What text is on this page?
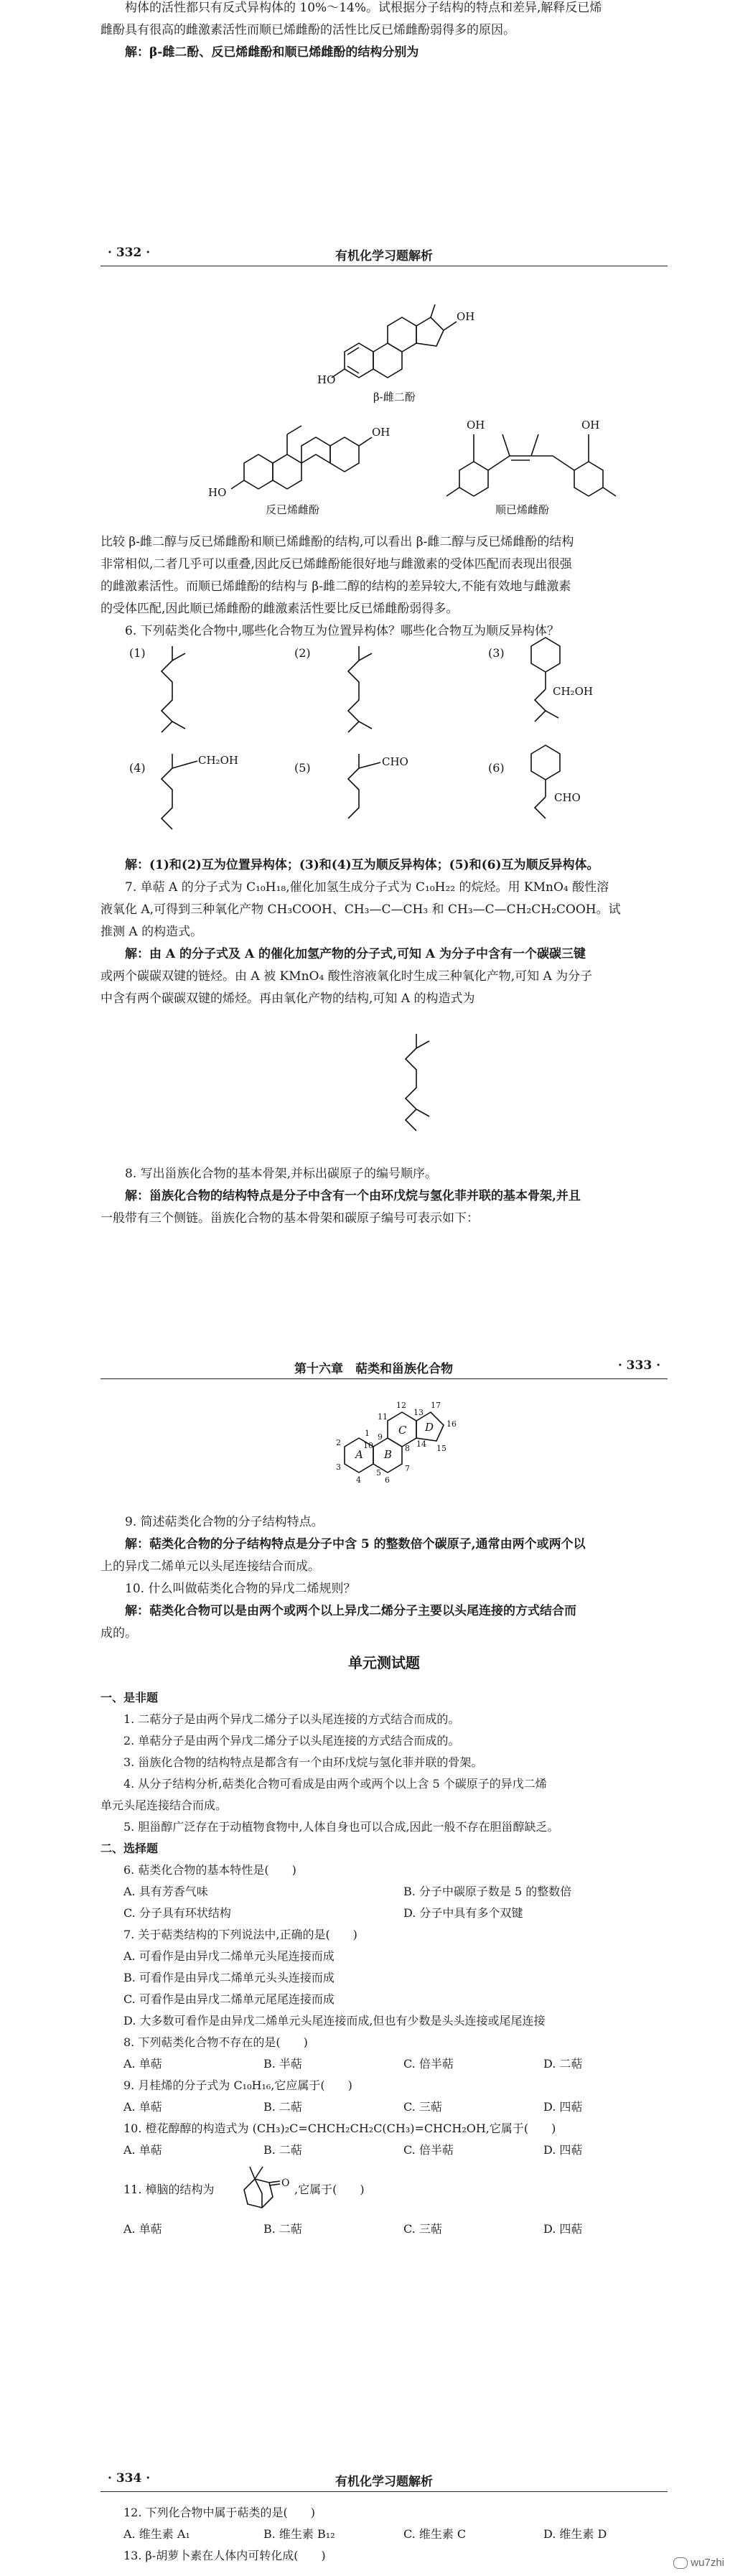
构体的活性都只有反式异构体的 10%～14%。试根据分子结构的特点和差异,解释反已烯

雌酚具有很高的雌激素活性而顺已烯雌酚的活性比反已烯雌酚弱得多的原因。

解：β-雌二酚、反已烯雌酚和顺已烯雌酚的结构分别为

· 332 ·	有机化学习题解析
HO
OH
β-雌二酚
HO
OH
反已烯雌酚
OH	OH
顺已烯雌酚

比较 β-雌二醇与反已烯雌酚和顺已烯雌酚的结构,可以看出 β-雌二醇与反已烯雌酚的结构

非常相似,二者几乎可以重叠,因此反已烯雌酚能很好地与雌激素的受体匹配而表现出很强

的雌激素活性。而顺已烯雌酚的结构与 β-雌二醇的结构的差异较大,不能有效地与雌激素

的受体匹配,因此顺已烯雌酚的雌激素活性要比反已烯雌酚弱得多。

6. 下列萜类化合物中,哪些化合物互为位置异构体？哪些化合物互为顺反异构体？

(1)	(2)	(3)
(4)	(5)	(6)
CH₂OH
CH₂OH	CHO
CHO

解：(1)和(2)互为位置异构体；(3)和(4)互为顺反异构体；(5)和(6)互为顺反异构体。

7. 单萜 A 的分子式为 C₁₀H₁₈,催化加氢生成分子式为 C₁₀H₂₂ 的烷烃。用 KMnO₄ 酸性溶

液氧化 A,可得到三种氧化产物 CH₃COOH、CH₃—C—CH₃ 和 CH₃—C—CH₂CH₂COOH。试

推测 A 的构造式。

解：由 A 的分子式及 A 的催化加氢产物的分子式,可知 A 为分子中含有一个碳碳三键

或两个碳碳双键的链烃。由 A 被 KMnO₄ 酸性溶液氧化时生成三种氧化产物,可知 A 为分子

中含有两个碳碳双键的烯烃。再由氧化产物的结构,可知 A 的构造式为

8. 写出甾族化合物的基本骨架,并标出碳原子的编号顺序。

解：甾族化合物的结构特点是分子中含有一个由环戊烷与氢化菲并联的基本骨架,并且

一般带有三个侧链。甾族化合物的基本骨架和碳原子编号可表示如下：

第十六章　萜类和甾族化合物	· 333 ·
A B
C D
1
2
3
4
5
6
7
8
9
10
11
12
13
14 15
16
17

9. 简述萜类化合物的分子结构特点。

解：萜类化合物的分子结构特点是分子中含 5 的整数倍个碳原子,通常由两个或两个以

上的异戊二烯单元以头尾连接结合而成。

10. 什么叫做萜类化合物的异戊二烯规则？

解：萜类化合物可以是由两个或两个以上异戊二烯分子主要以头尾连接的方式结合而

成的。

单元测试题

一、是非题

1. 二萜分子是由两个异戊二烯分子以头尾连接的方式结合而成的。

2. 单萜分子是由两个异戊二烯分子以头尾连接的方式结合而成的。

3. 甾族化合物的结构特点是都含有一个由环戊烷与氢化菲并联的骨架。

4. 从分子结构分析,萜类化合物可看成是由两个或两个以上含 5 个碳原子的异戊二烯

单元头尾连接结合而成。

5. 胆甾醇广泛存在于动植物食物中,人体自身也可以合成,因此一般不存在胆甾醇缺乏。

二、选择题

6. 萜类化合物的基本特性是(　　)

A. 具有芳香气味	B. 分子中碳原子数是 5 的整数倍
C. 分子具有环状结构	D. 分子中具有多个双键

7. 关于萜类结构的下列说法中,正确的是(　　)

A. 可看作是由异戊二烯单元头尾连接而成

B. 可看作是由异戊二烯单元头头连接而成

C. 可看作是由异戊二烯单元尾尾连接而成

D. 大多数可看作是由异戊二烯单元头尾连接而成,但也有少数是头头连接或尾尾连接

8. 下列萜类化合物不存在的是(　　)

A. 单萜	B. 半萜	C. 倍半萜	D. 二萜

9. 月桂烯的分子式为 C₁₀H₁₆,它应属于(　　)

A. 单萜	B. 二萜	C. 三萜	D. 四萜

10. 橙花醇醇的构造式为 (CH₃)₂C=CHCH₂CH₂C(CH₃)=CHCH₂OH,它属于(　　)

A. 单萜	B. 二萜	C. 倍半萜	D. 四萜
11. 樟脑的结构为	O ,它属于(　　)
A. 单萜	B. 二萜	C. 三萜	D. 四萜
· 334 ·	有机化学习题解析

12. 下列化合物中属于萜类的是(　　)

A. 维生素 A₁	B. 维生素 B₁₂	C. 维生素 C	D. 维生素 D

13. β-胡萝卜素在人体内可转化成(　　)

wu7zhi
